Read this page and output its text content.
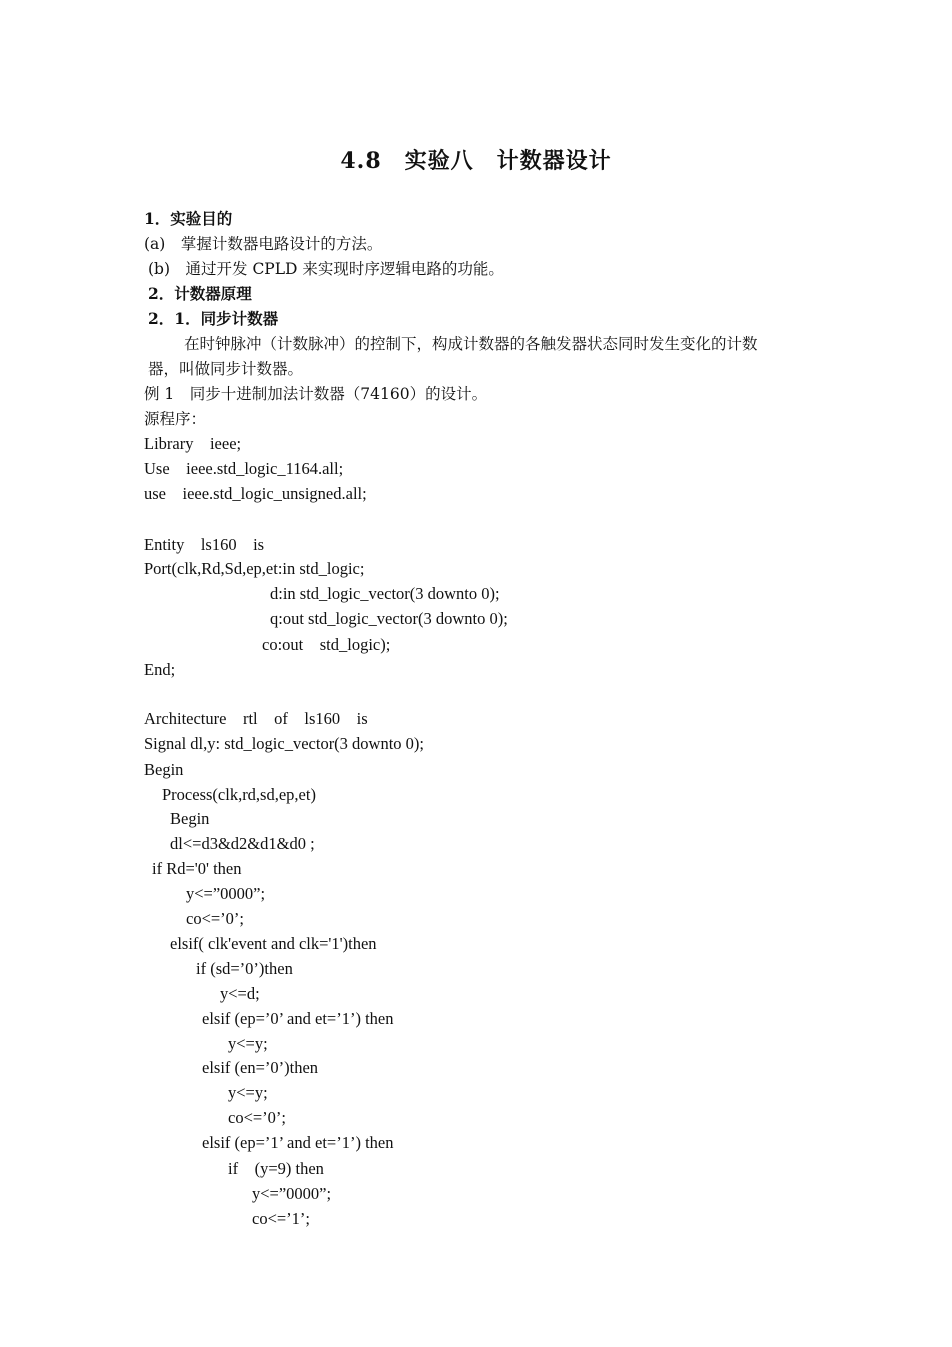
4.8　实验八　计数器设计
1．实验目的
(a)　掌握计数器电路设计的方法。
(b)　通过开发 CPLD 来实现时序逻辑电路的功能。
2．计数器原理
2．1．同步计数器
在时钟脉冲（计数脉冲）的控制下，构成计数器的各触发器状态同时发生变化的计数
器，叫做同步计数器。
例 1　同步十进制加法计数器（74160）的设计。
源程序：
Library    ieee;
Use    ieee.std_logic_1164.all;
use    ieee.std_logic_unsigned.all;
Entity    ls160    is
Port(clk,Rd,Sd,ep,et:in std_logic;
d:in std_logic_vector(3 downto 0);
q:out std_logic_vector(3 downto 0);
co:out    std_logic);
End;
Architecture    rtl    of    ls160    is
Signal dl,y: std_logic_vector(3 downto 0);
Begin
Process(clk,rd,sd,ep,et)
Begin
dl<=d3&d2&d1&d0 ;
if Rd='0' then
y<=”0000”;
co<=’0’;
elsif( clk'event and clk='1')then
if (sd=’0’)then
y<=d;
elsif (ep=’0’ and et=’1’) then
y<=y;
elsif (en=’0’)then
y<=y;
co<=’0’;
elsif (ep=’1’ and et=’1’) then
if    (y=9) then
y<=”0000”;
co<=’1’;
